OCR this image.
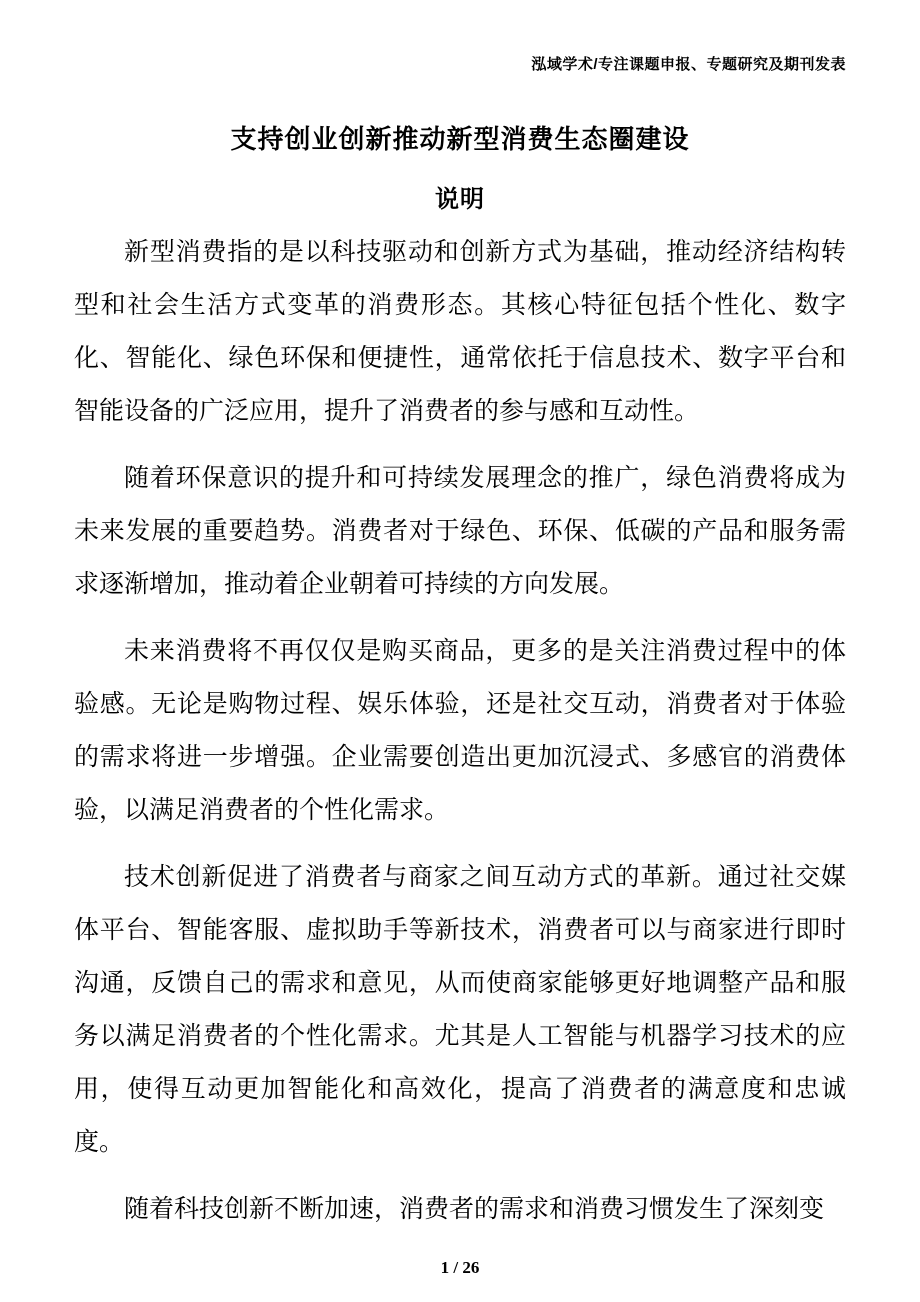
泓域学术/专注课题申报、专题研究及期刊发表
支持创业创新推动新型消费生态圈建设
说明

新型消费指的是以科技驱动和创新方式为基础，推动经济结构转型和社会生活方式变革的消费形态。其核心特征包括个性化、数字化、智能化、绿色环保和便捷性，通常依托于信息技术、数字平台和智能设备的广泛应用，提升了消费者的参与感和互动性。

随着环保意识的提升和可持续发展理念的推广，绿色消费将成为未来发展的重要趋势。消费者对于绿色、环保、低碳的产品和服务需求逐渐增加，推动着企业朝着可持续的方向发展。

未来消费将不再仅仅是购买商品，更多的是关注消费过程中的体验感。无论是购物过程、娱乐体验，还是社交互动，消费者对于体验的需求将进一步增强。企业需要创造出更加沉浸式、多感官的消费体验，以满足消费者的个性化需求。

技术创新促进了消费者与商家之间互动方式的革新。通过社交媒体平台、智能客服、虚拟助手等新技术，消费者可以与商家进行即时沟通，反馈自己的需求和意见，从而使商家能够更好地调整产品和服务以满足消费者的个性化需求。尤其是人工智能与机器学习技术的应用，使得互动更加智能化和高效化，提高了消费者的满意度和忠诚度。

随着科技创新不断加速，消费者的需求和消费习惯发生了深刻变

1 / 26
